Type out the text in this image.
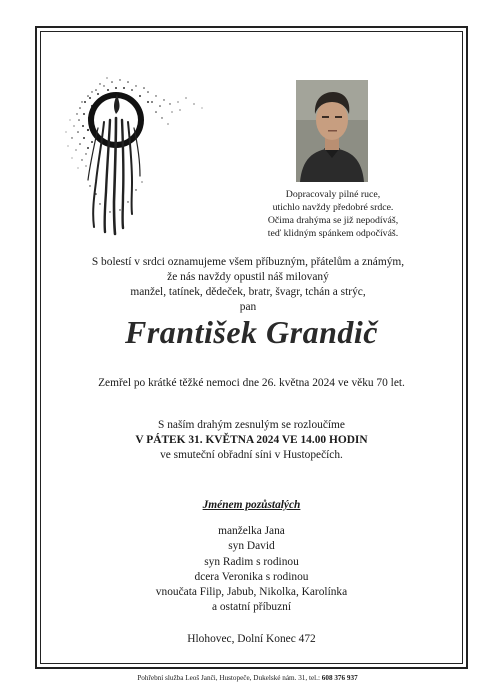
Dopracovaly pilné ruce,
utichlo navždy předobré srdce.
Očima drahýma se již nepodíváš,
teď klidným spánkem odpočíváš.
S bolestí v srdci oznamujeme všem příbuzným, přátelům a známým,
že nás navždy opustil náš milovaný
manžel, tatínek, dědeček, bratr, švagr, tchán a strýc,
pan
František Grandič
Zemřel po krátké těžké nemoci dne 26. května 2024 ve věku 70 let.
S naším drahým zesnulým se rozloučíme
V PÁTEK 31. KVĚTNA 2024 VE 14.00 HODIN
ve smuteční obřadní síni v Hustopečích.
Jménem pozůstalých
manželka Jana
syn David
syn Radim s rodinou
dcera Veronika s rodinou
vnoučata Filip, Jabub, Nikolka, Karolínka
a ostatní příbuzní
Hlohovec, Dolní Konec 472
Pohřební služba Leoš Janči, Hustopeče, Dukelské nám. 31, tel.: 608 376 937
